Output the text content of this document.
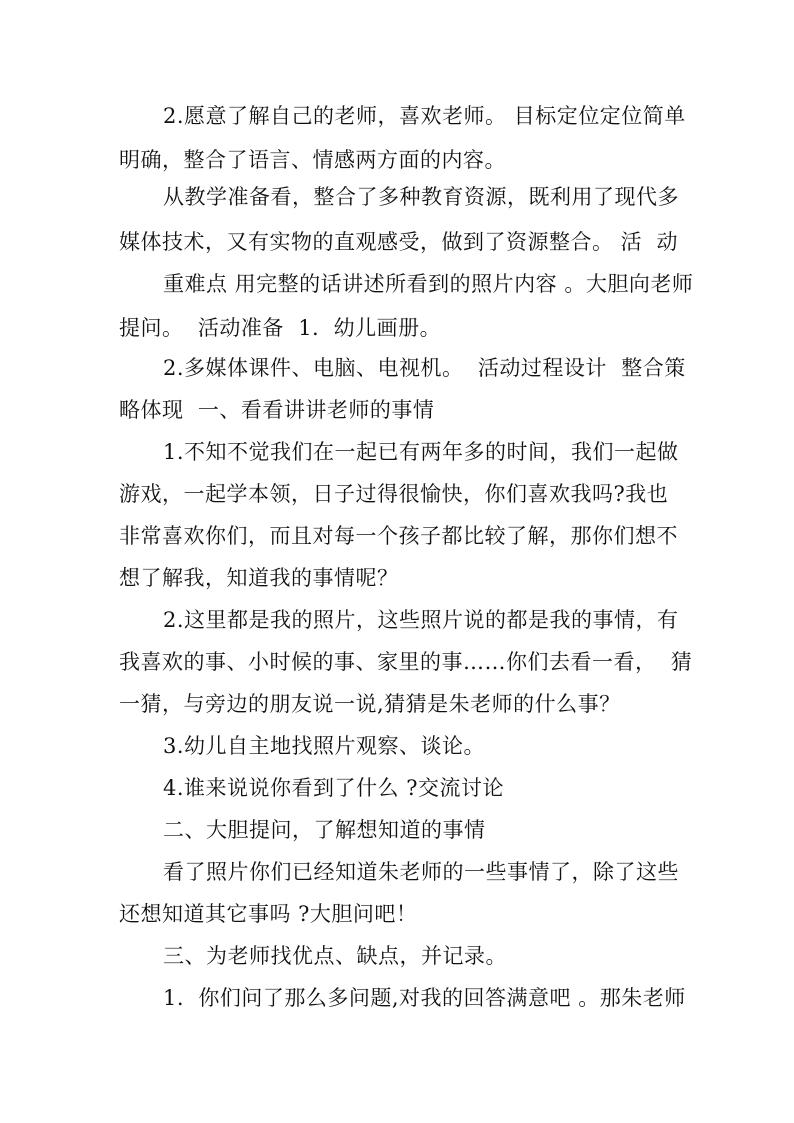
2.愿意了解自己的老师，喜欢老师。 目标定位定位简单
明确，整合了语言、情感两方面的内容。
从教学准备看，整合了多种教育资源，既利用了现代多
媒体技术，又有实物的直观感受，做到了资源整合。 活  动
重难点 用完整的话讲述所看到的照片内容 。大胆向老师
提问。  活动准备  1.  幼儿画册。
2.多媒体课件、电脑、电视机。  活动过程设计  整合策
略体现  一、看看讲讲老师的事情
1.不知不觉我们在一起已有两年多的时间，我们一起做
游戏，一起学本领，日子过得很愉快，你们喜欢我吗?我也
非常喜欢你们，而且对每一个孩子都比较了解，那你们想不
想了解我，知道我的事情呢？
2.这里都是我的照片，这些照片说的都是我的事情，有
我喜欢的事、小时候的事、家里的事……你们去看一看，  猜
一猜，与旁边的朋友说一说,猜猜是朱老师的什么事？
3.幼儿自主地找照片观察、谈论。
4.谁来说说你看到了什么 ?交流讨论
二、大胆提问，了解想知道的事情
看了照片你们已经知道朱老师的一些事情了，除了这些
还想知道其它事吗 ?大胆问吧！
三、为老师找优点、缺点，并记录。
1.  你们问了那么多问题,对我的回答满意吧 。那朱老师
